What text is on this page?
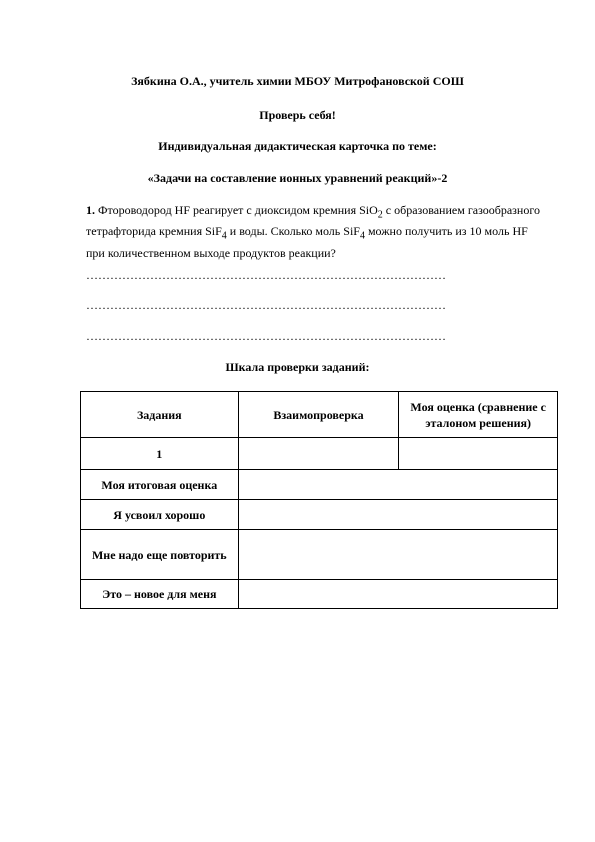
Зябкина О.А., учитель химии МБОУ Митрофановской СОШ
Проверь себя!
Индивидуальная дидактическая карточка по теме:
«Задачи на составление ионных уравнений реакций»-2
1. Фтороводород HF реагирует с диоксидом кремния SiO$_2$ с образованием газообразного тетрафторида кремния SiF$_4$ и воды. Сколько моль SiF$_4$ можно получить из 10 моль HF при количественном выходе продуктов реакции?
………………………………………………………………………………
………………………………………………………………………………
………………………………………………………………………………
Шкала проверки заданий:
Задания	Взаимопроверка	Моя оценка (сравнение с эталоном решения)
1		
Моя итоговая оценка		
Я усвоил хорошо		
Мне надо еще повторить		
Это – новое для меня		
